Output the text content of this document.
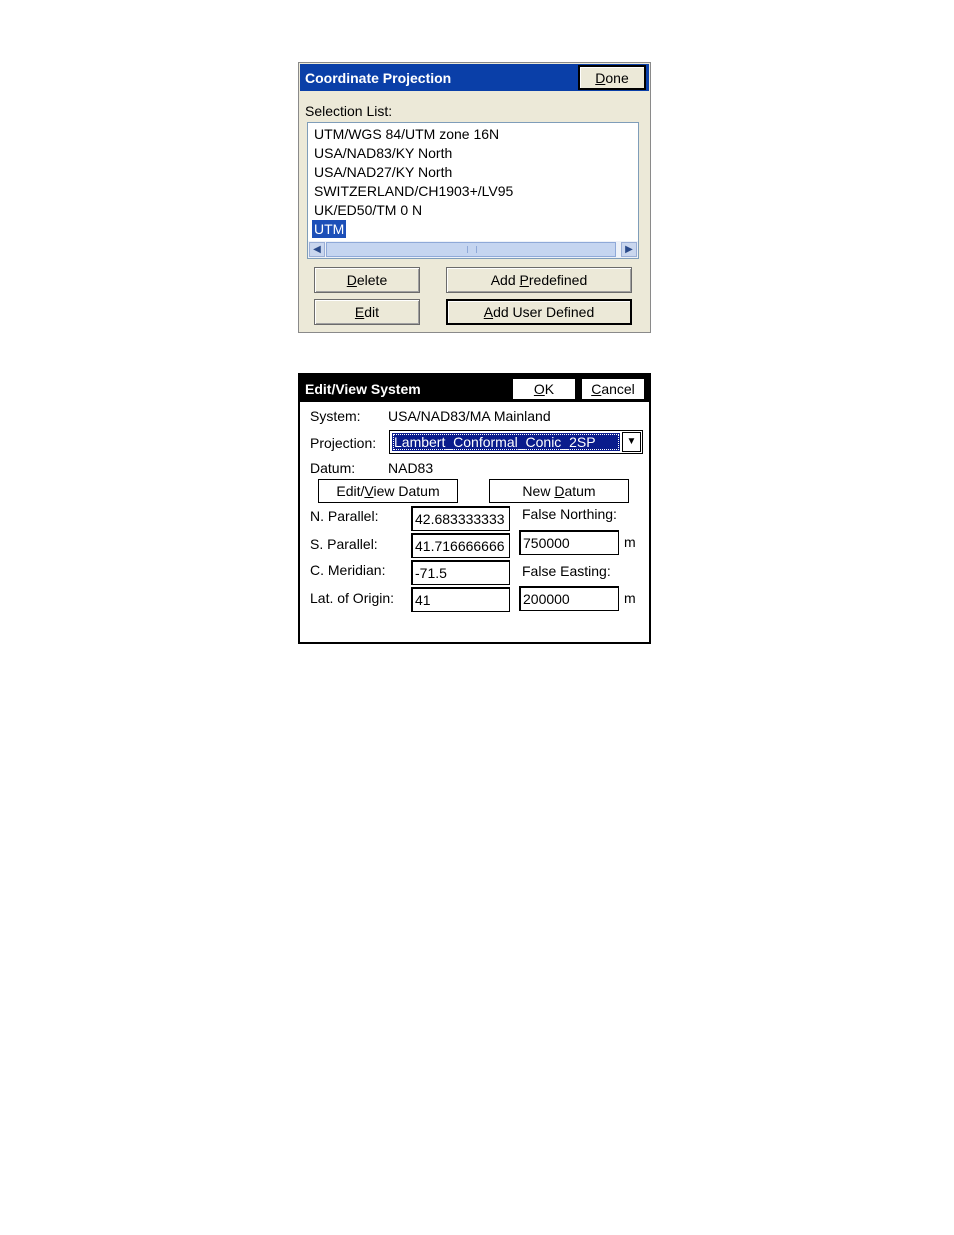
Coordinate Projection	Done
Selection List:
UTM/WGS 84/UTM zone 16N
USA/NAD83/KY North
USA/NAD27/KY North
SWITZERLAND/CH1903+/LV95
UK/ED50/TM 0 N
UTM
◀	▶
Delete	Add Predefined
Edit	Add User Defined
Edit/View System	OK	Cancel
System: USA/NAD83/MA Mainland
Projection: Lambert_Conformal_Conic_2SP	▼
Datum: NAD83
Edit/View Datum	New Datum
N. Parallel:	42.683333333	False Northing:
S. Parallel:	41.716666666	750000	m
C. Meridian: -71.5	False Easting:
Lat. of Origin: 41	200000	m
